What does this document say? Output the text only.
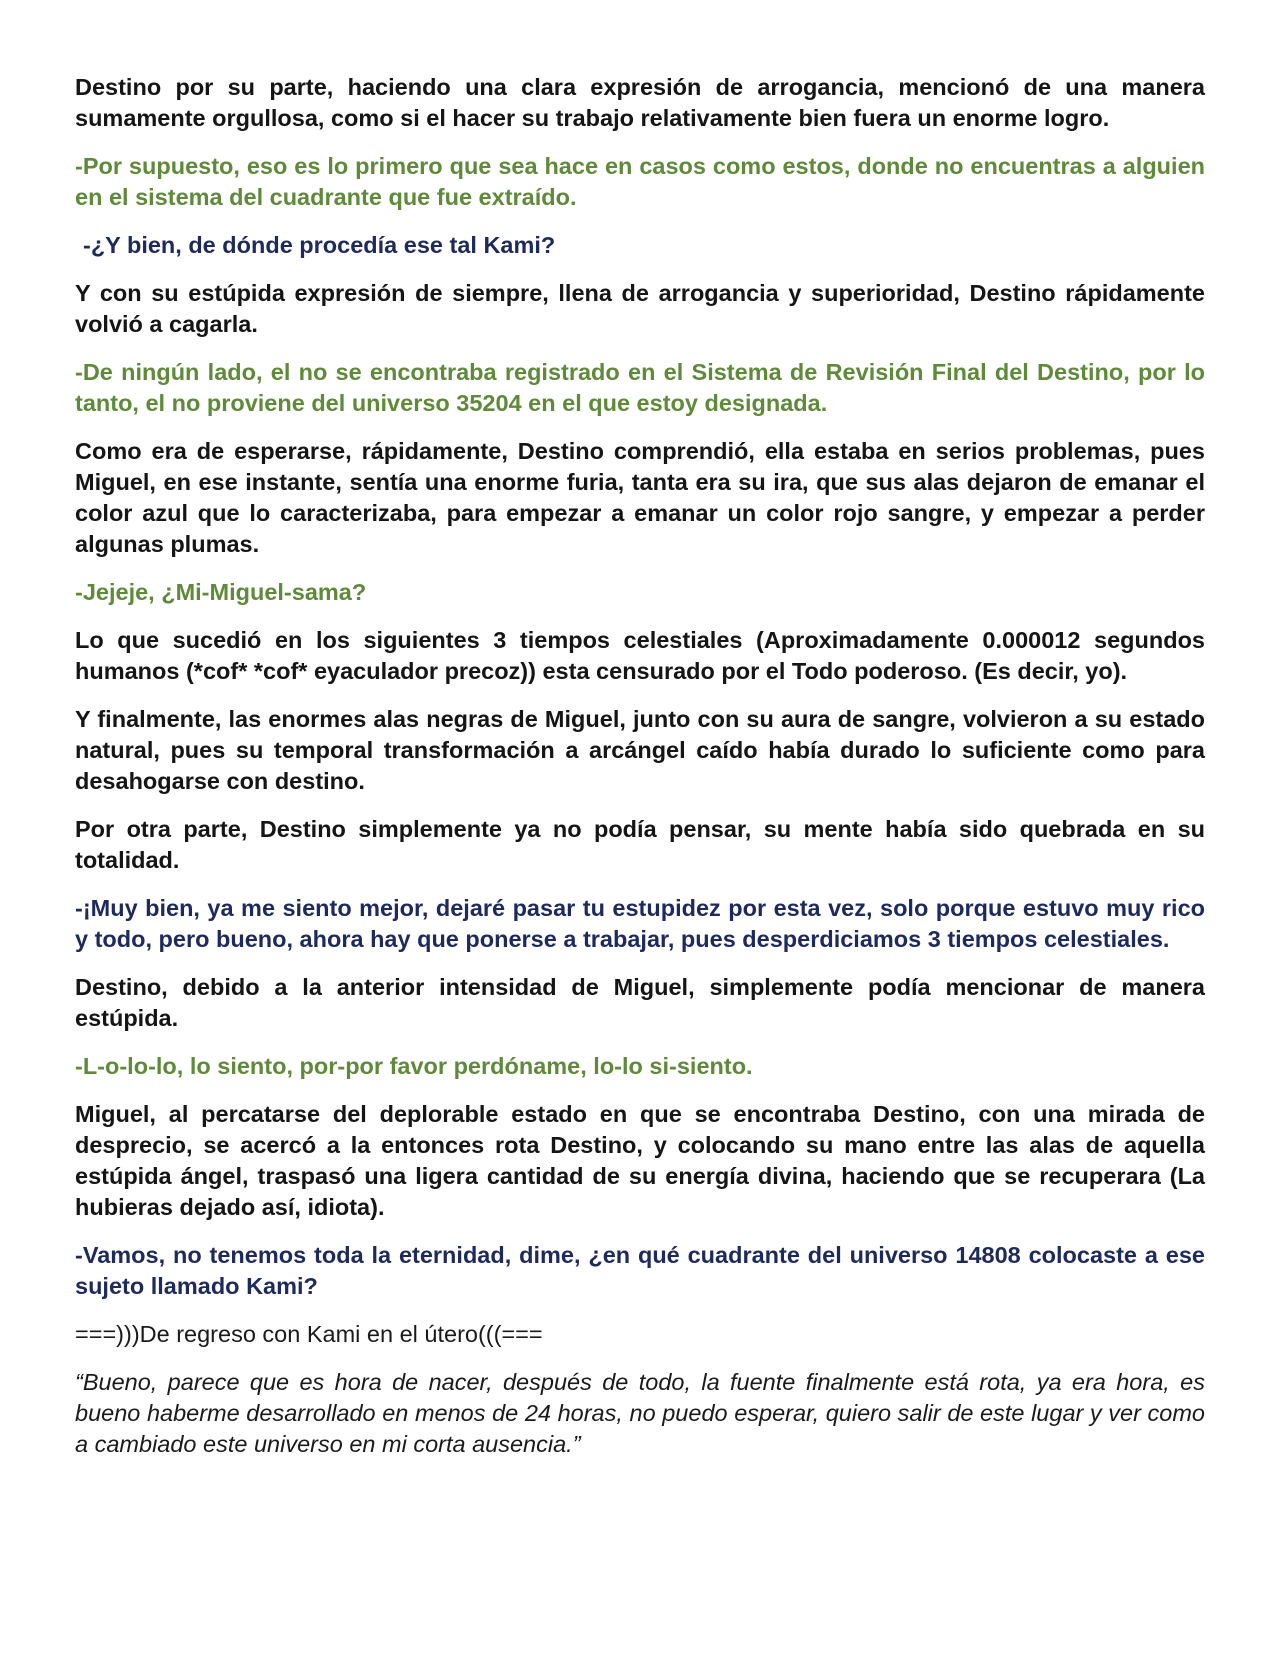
Destino por su parte, haciendo una clara expresión de arrogancia, mencionó de una manera sumamente orgullosa, como si el hacer su trabajo relativamente bien fuera un enorme logro.

-Por supuesto, eso es lo primero que sea hace en casos como estos, donde no encuentras a alguien en el sistema del cuadrante que fue extraído.

-¿Y bien, de dónde procedía ese tal Kami?

Y con su estúpida expresión de siempre, llena de arrogancia y superioridad, Destino rápidamente volvió a cagarla.

-De ningún lado, el no se encontraba registrado en el Sistema de Revisión Final del Destino, por lo tanto, el no proviene del universo 35204 en el que estoy designada.

Como era de esperarse, rápidamente, Destino comprendió, ella estaba en serios problemas, pues Miguel, en ese instante, sentía una enorme furia, tanta era su ira, que sus alas dejaron de emanar el color azul que lo caracterizaba, para empezar a emanar un color rojo sangre, y empezar a perder algunas plumas.

-Jejeje, ¿Mi-Miguel-sama?

Lo que sucedió en los siguientes 3 tiempos celestiales (Aproximadamente 0.000012 segundos humanos (*cof* *cof* eyaculador precoz)) esta censurado por el Todo poderoso. (Es decir, yo).

Y finalmente, las enormes alas negras de Miguel, junto con su aura de sangre, volvieron a su estado natural, pues su temporal transformación a arcángel caído había durado lo suficiente como para desahogarse con destino.

Por otra parte, Destino simplemente ya no podía pensar, su mente había sido quebrada en su totalidad.

-¡Muy bien, ya me siento mejor, dejaré pasar tu estupidez por esta vez, solo porque estuvo muy rico y todo, pero bueno, ahora hay que ponerse a trabajar, pues desperdiciamos 3 tiempos celestiales.

Destino, debido a la anterior intensidad de Miguel, simplemente podía mencionar de manera estúpida.

-L-o-lo-lo, lo siento, por-por favor perdóname, lo-lo si-siento.

Miguel, al percatarse del deplorable estado en que se encontraba Destino, con una mirada de desprecio, se acercó a la entonces rota Destino, y colocando su mano entre las alas de aquella estúpida ángel, traspasó una ligera cantidad de su energía divina, haciendo que se recuperara (La hubieras dejado así, idiota).

-Vamos, no tenemos toda la eternidad, dime, ¿en qué cuadrante del universo 14808 colocaste a ese sujeto llamado Kami?

===)))De regreso con Kami en el útero(((===

“Bueno, parece que es hora de nacer, después de todo, la fuente finalmente está rota, ya era hora, es bueno haberme desarrollado en menos de 24 horas, no puedo esperar, quiero salir de este lugar y ver como a cambiado este universo en mi corta ausencia.”
